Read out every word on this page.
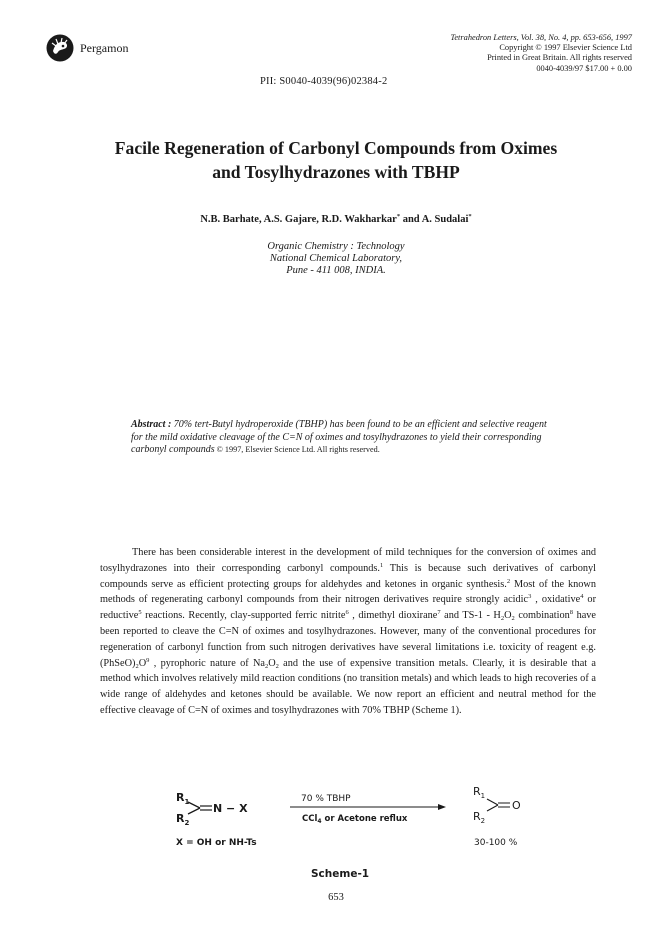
Pergamon
Tetrahedron Letters, Vol. 38, No. 4, pp. 653-656, 1997
Copyright © 1997 Elsevier Science Ltd
Printed in Great Britain. All rights reserved
0040-4039/97 $17.00 + 0.00
PII: S0040-4039(96)02384-2
Facile Regeneration of Carbonyl Compounds from Oximes
and Tosylhydrazones with TBHP
N.B. Barhate, A.S. Gajare, R.D. Wakharkar* and A. Sudalai*
Organic Chemistry : Technology
National Chemical Laboratory,
Pune - 411 008, INDIA.
Abstract : 70% tert-Butyl hydroperoxide (TBHP) has been found to be an efficient and selective reagent for the mild oxidative cleavage of the C=N of oximes and tosylhydrazones to yield their corresponding carbonyl compounds © 1997, Elsevier Science Ltd. All rights reserved.

There has been considerable interest in the development of mild techniques for the conversion of oximes and tosylhydrazones into their corresponding carbonyl compounds.$^1$ This is because such derivatives of carbonyl compounds serve as efficient protecting groups for aldehydes and ketones in organic synthesis.$^2$ Most of the known methods of regenerating carbonyl compounds from their nitrogen derivatives require strongly acidic$^3$ , oxidative$^4$ or reductive$^5$ reactions. Recently, clay-supported ferric nitrite$^6$ , dimethyl dioxirane$^7$ and $TS-1 - H_2O_2$ combination$^8$ have been reported to cleave the C=N of oximes and tosylhydrazones. However, many of the conventional procedures for regeneration of carbonyl function from such nitrogen derivatives have several limitations i.e. toxicity of reagent e.g. $(PhSeO)_2O^9$ , pyrophoric nature of $Na_2O_2$ and the use of expensive transition metals. Clearly, it is desirable that a method which involves relatively mild reaction conditions (no transition metals) and which leads to high recoveries of a wide range of aldehydes and ketones should be available. We now report an efficient and neutral method for the effective cleavage of C=N of oximes and tosylhydrazones with 70% TBHP (Scheme 1).

$R_1$ N − X
$R_2$
X = OH or NH-Ts
70 % TBHP
CCl$_4$ or Acetone reflux
$R_1$
O
$R_2$
30-100 %
Scheme-1
653
